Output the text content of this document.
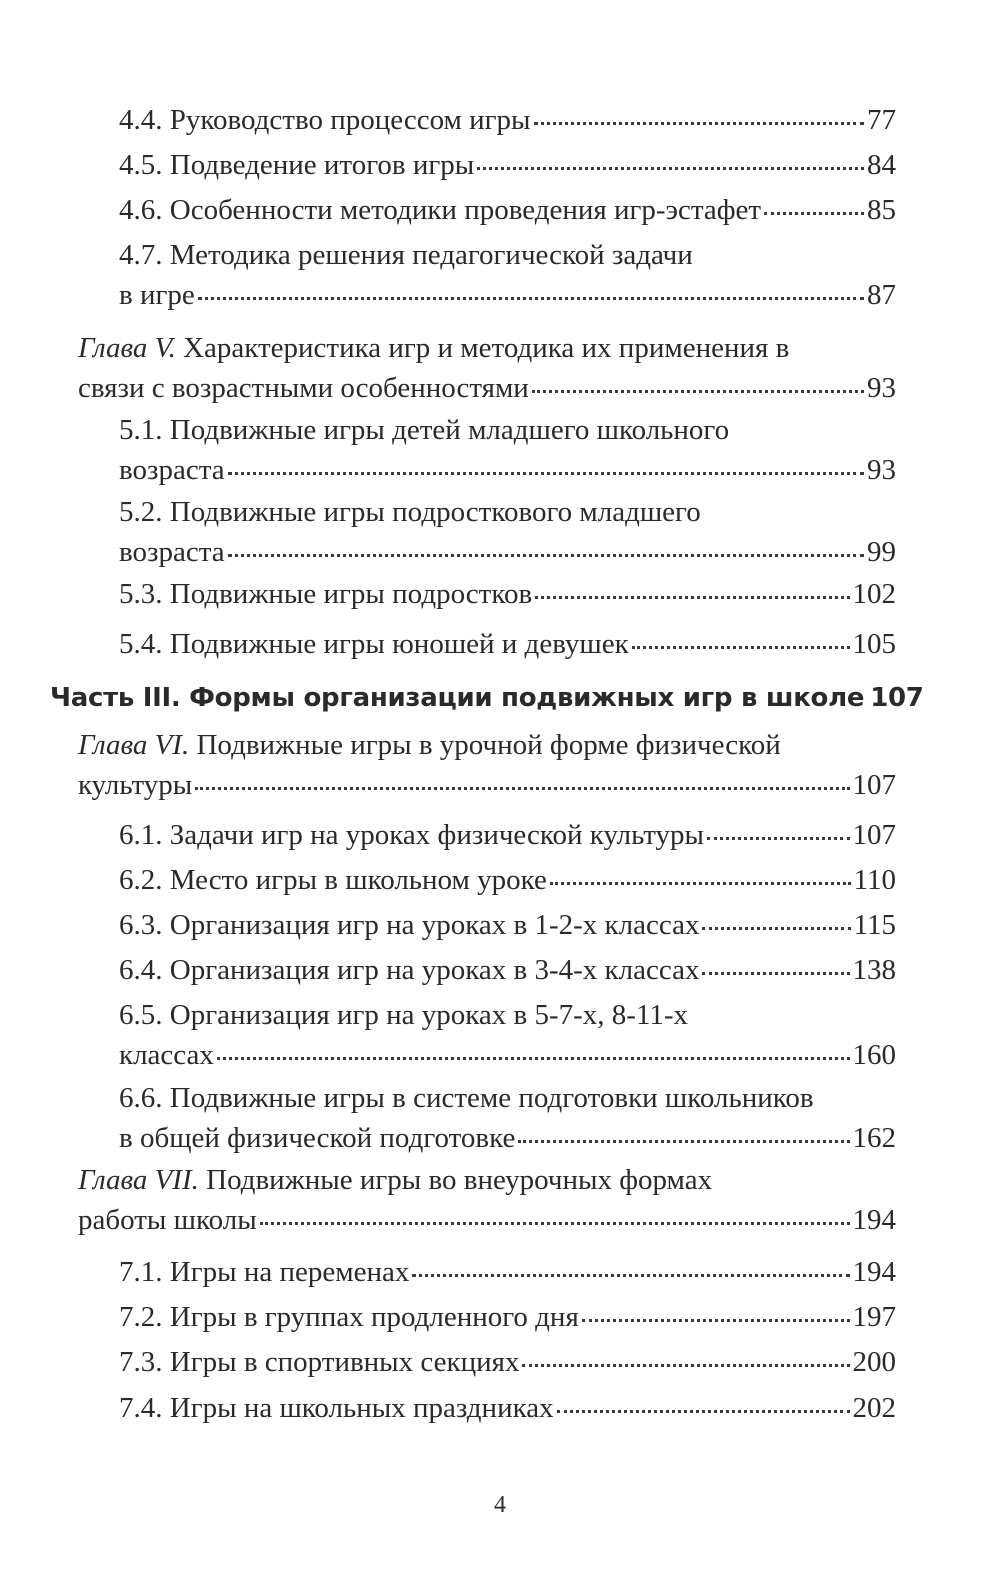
4.4. Руководство процессом игры	77
4.5. Подведение итогов игры	84
4.6. Особенности методики проведения игр-эстафет	85
4.7. Методика решения педагогической задачи
в игре	87
Глава V. Характеристика игр и методика их применения в
связи с возрастными особенностями	93
5.1. Подвижные игры детей младшего школьного
возраста	93
5.2. Подвижные игры подросткового младшего
возраста	99
5.3. Подвижные игры подростков	102
5.4. Подвижные игры юношей и девушек	105
Часть III. Формы организации подвижных игр в школе 107
Глава VI. Подвижные игры в урочной форме физической
культуры	107
6.1. Задачи игр на уроках физической культуры	107
6.2. Место игры в школьном уроке	110
6.3. Организация игр на уроках в 1-2-х классах	115
6.4. Организация игр на уроках в 3-4-х классах	138
6.5. Организация игр на уроках в 5-7-х, 8-11-х
классах	160
6.6. Подвижные игры в системе подготовки школьников
в общей физической подготовке	162
Глава VII. Подвижные игры во внеурочных формах
работы школы	194
7.1. Игры на переменах	194
7.2. Игры в группах продленного дня	197
7.3. Игры в спортивных секциях	200
7.4. Игры на школьных праздниках	202
4
